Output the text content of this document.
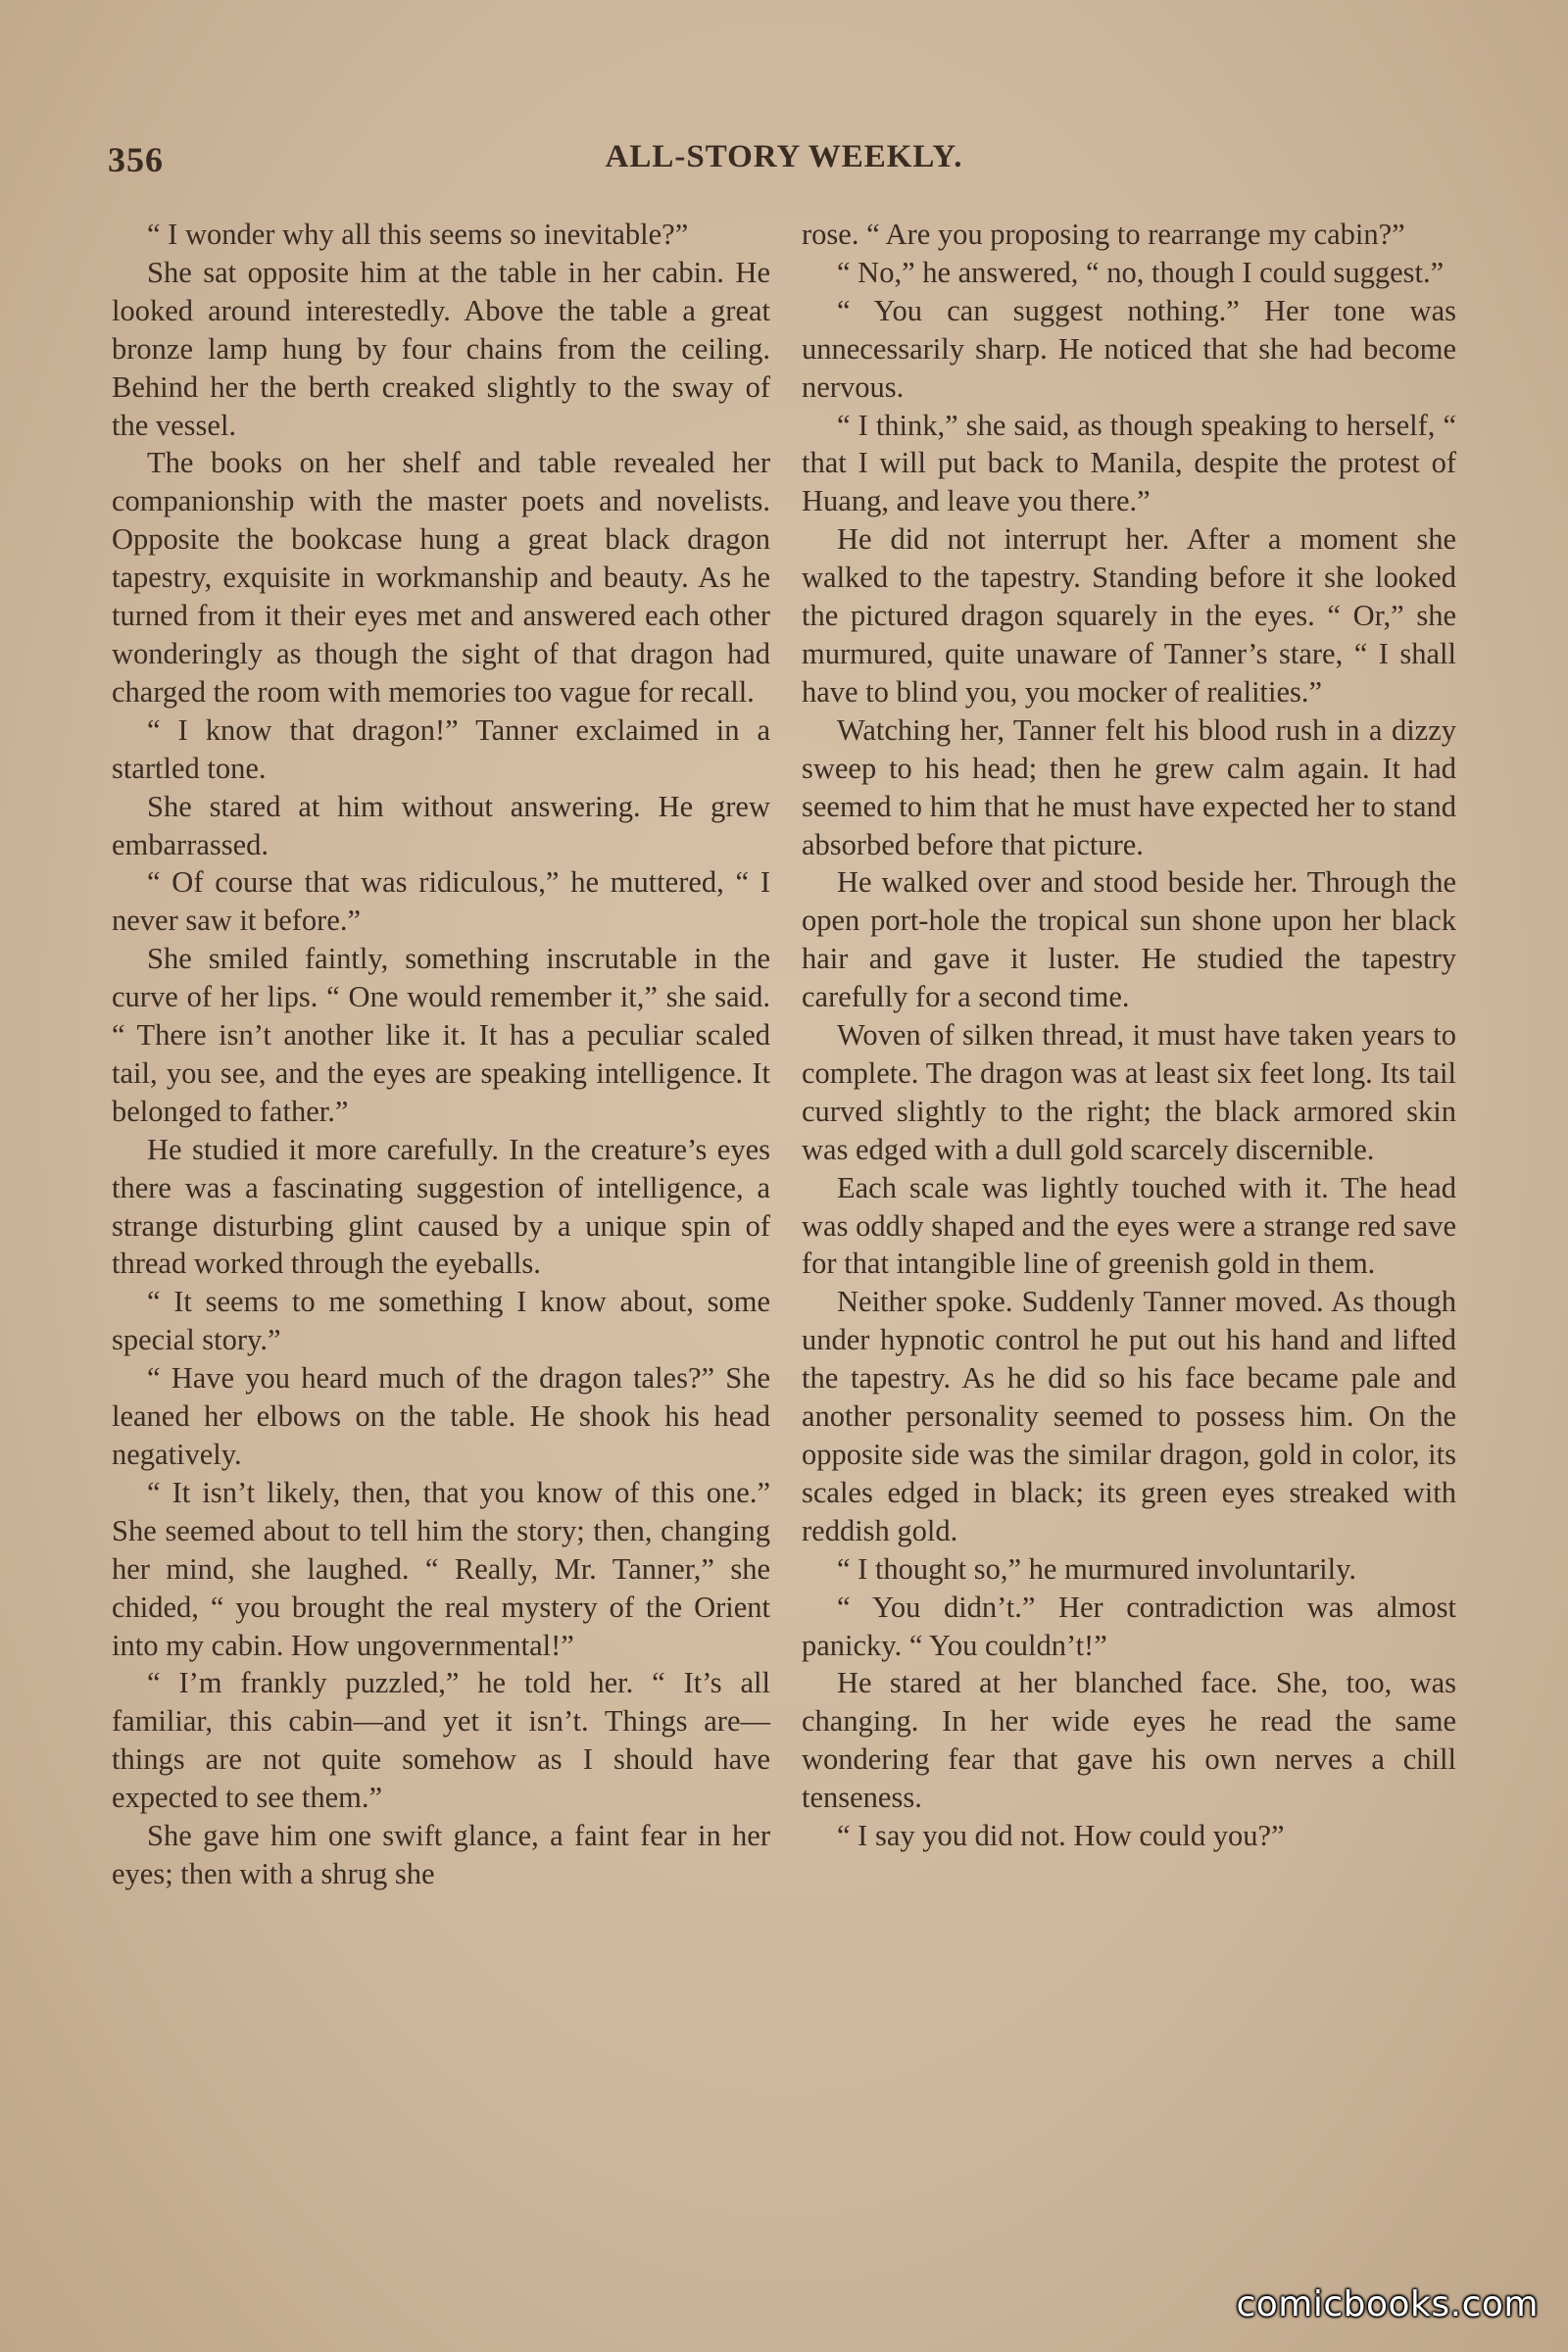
356	ALL-STORY WEEKLY.

“ I wonder why all this seems so inevitable?”

She sat opposite him at the table in her cabin. He looked around interestedly. Above the table a great bronze lamp hung by four chains from the ceiling. Behind her the berth creaked slightly to the sway of the vessel.

The books on her shelf and table revealed her companionship with the master poets and novelists. Opposite the bookcase hung a great black dragon tapestry, exquisite in workmanship and beauty. As he turned from it their eyes met and answered each other wonderingly as though the sight of that dragon had charged the room with memories too vague for recall.

“ I know that dragon!” Tanner exclaimed in a startled tone.

She stared at him without answering. He grew embarrassed.

“ Of course that was ridiculous,” he muttered, “ I never saw it before.”

She smiled faintly, something inscrutable in the curve of her lips. “ One would remember it,” she said. “ There isn’t another like it. It has a peculiar scaled tail, you see, and the eyes are speaking intelligence. It belonged to father.”

He studied it more carefully. In the creature’s eyes there was a fascinating suggestion of intelligence, a strange disturbing glint caused by a unique spin of thread worked through the eyeballs.

“ It seems to me something I know about, some special story.”

“ Have you heard much of the dragon tales?” She leaned her elbows on the table. He shook his head negatively.

“ It isn’t likely, then, that you know of this one.” She seemed about to tell him the story; then, changing her mind, she laughed. “ Really, Mr. Tanner,” she chided, “ you brought the real mystery of the Orient into my cabin. How ungovernmental!”

“ I’m frankly puzzled,” he told her. “ It’s all familiar, this cabin—and yet it isn’t. Things are—things are not quite somehow as I should have expected to see them.”

She gave him one swift glance, a faint fear in her eyes; then with a shrug she

rose. “ Are you proposing to rearrange my cabin?”

“ No,” he answered, “ no, though I could suggest.”

“ You can suggest nothing.” Her tone was unnecessarily sharp. He noticed that she had become nervous.

“ I think,” she said, as though speaking to herself, “ that I will put back to Manila, despite the protest of Huang, and leave you there.”

He did not interrupt her. After a moment she walked to the tapestry. Standing before it she looked the pictured dragon squarely in the eyes. “ Or,” she murmured, quite unaware of Tanner’s stare, “ I shall have to blind you, you mocker of realities.”

Watching her, Tanner felt his blood rush in a dizzy sweep to his head; then he grew calm again. It had seemed to him that he must have expected her to stand absorbed before that picture.

He walked over and stood beside her. Through the open port-hole the tropical sun shone upon her black hair and gave it luster. He studied the tapestry carefully for a second time.

Woven of silken thread, it must have taken years to complete. The dragon was at least six feet long. Its tail curved slightly to the right; the black armored skin was edged with a dull gold scarcely discernible.

Each scale was lightly touched with it. The head was oddly shaped and the eyes were a strange red save for that intangible line of greenish gold in them.

Neither spoke. Suddenly Tanner moved. As though under hypnotic control he put out his hand and lifted the tapestry. As he did so his face became pale and another personality seemed to possess him. On the opposite side was the similar dragon, gold in color, its scales edged in black; its green eyes streaked with reddish gold.

“ I thought so,” he murmured involuntarily.

“ You didn’t.” Her contradiction was almost panicky. “ You couldn’t!”

He stared at her blanched face. She, too, was changing. In her wide eyes he read the same wondering fear that gave his own nerves a chill tenseness.

“ I say you did not. How could you?”

comicbooks.com
